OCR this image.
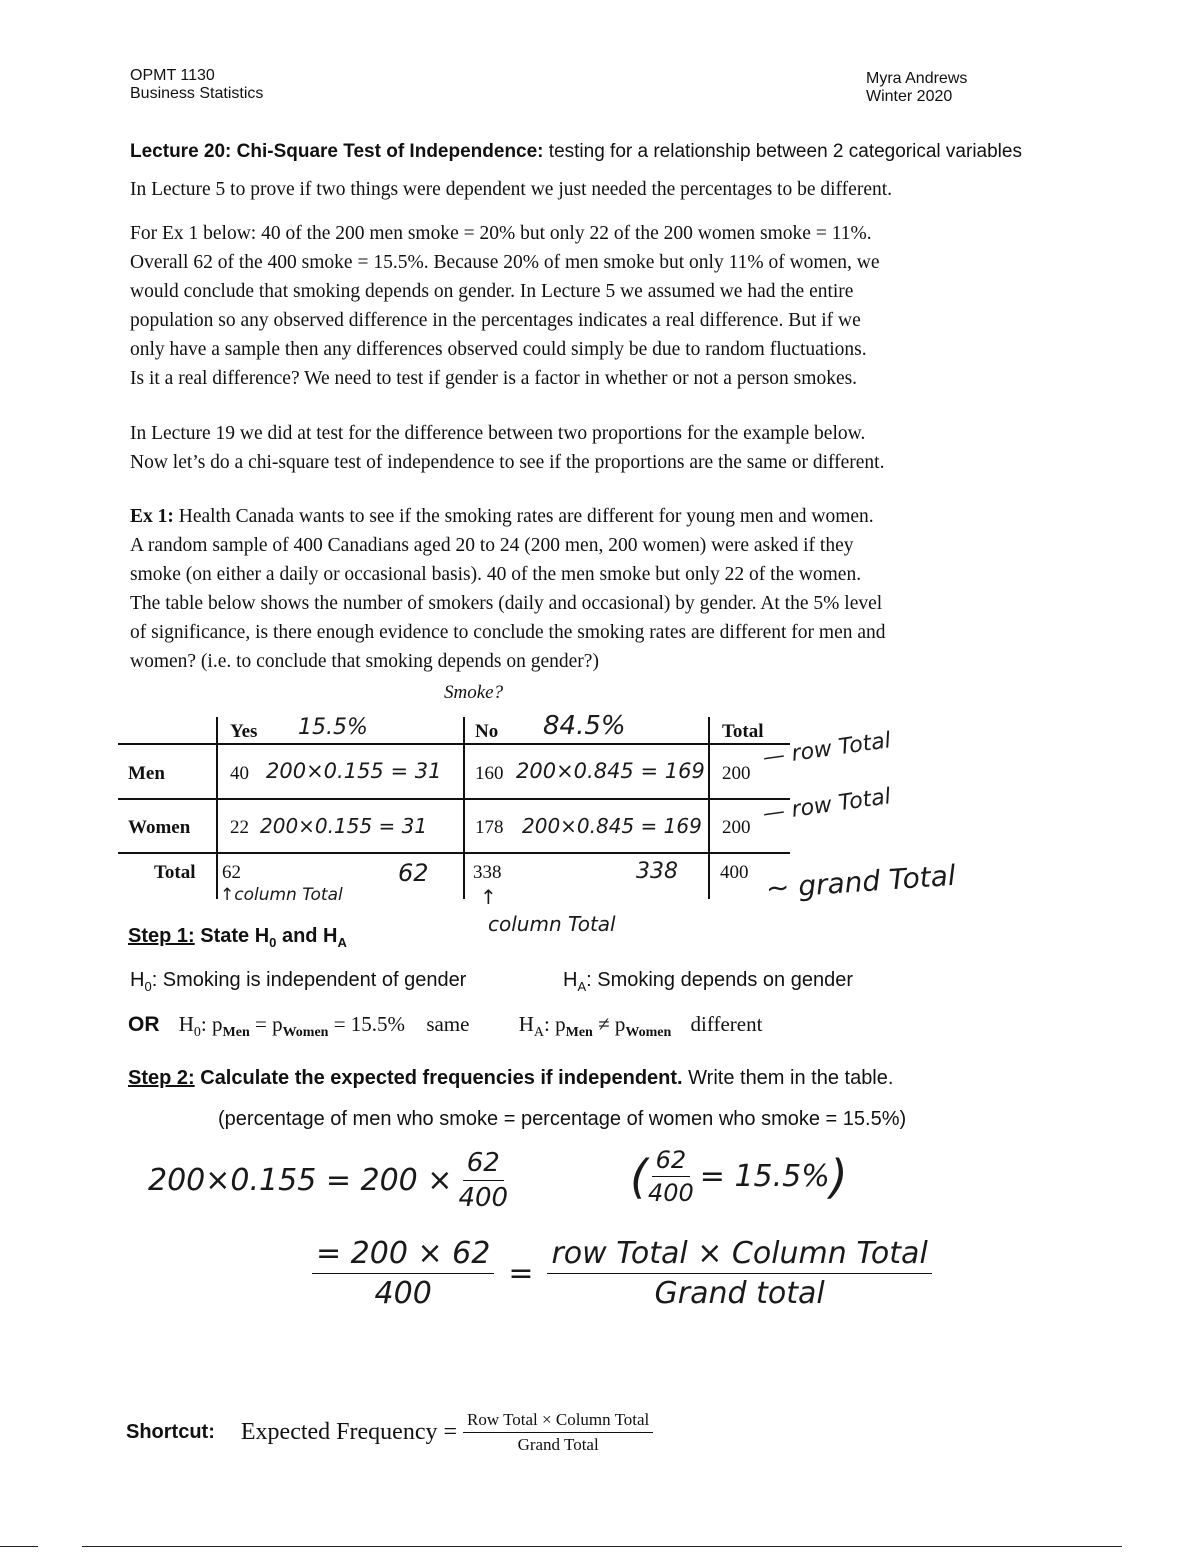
OPMT 1130
Business Statistics
Myra Andrews
Winter 2020
Lecture 20: Chi-Square Test of Independence: testing for a relationship between 2 categorical variables
In Lecture 5 to prove if two things were dependent we just needed the percentages to be different.
For Ex 1 below: 40 of the 200 men smoke = 20% but only 22 of the 200 women smoke = 11%.
Overall 62 of the 400 smoke = 15.5%. Because 20% of men smoke but only 11% of women, we
would conclude that smoking depends on gender. In Lecture 5 we assumed we had the entire
population so any observed difference in the percentages indicates a real difference. But if we
only have a sample then any differences observed could simply be due to random fluctuations.
Is it a real difference? We need to test if gender is a factor in whether or not a person smokes.
In Lecture 19 we did at test for the difference between two proportions for the example below.
Now let’s do a chi-square test of independence to see if the proportions are the same or different.
Ex 1: Health Canada wants to see if the smoking rates are different for young men and women.
A random sample of 400 Canadians aged 20 to 24 (200 men, 200 women) were asked if they
smoke (on either a daily or occasional basis). 40 of the men smoke but only 22 of the women.
The table below shows the number of smokers (daily and occasional) by gender. At the 5% level
of significance, is there enough evidence to conclude the smoking rates are different for men and
women? (i.e. to conclude that smoking depends on gender?)
Smoke?
Yes	No	Total
15.5%	84.5%
Men	40	160	200
200×0.155 = 31	200×0.845 = 169
Women 22	178	200
200×0.155 = 31	200×0.845 = 169
Total 62	338	400
62	338
↑column Total	↑
column Total
— row Total
— row Total
~ grand Total
Step 1: State $H_0$ and $H_A$
$H_0$: Smoking is independent of gender	$H_A$: Smoking depends on gender
OR $H_0$: $p_{Men} = p_{Women} = 15.5\%$ same $H_A$: $p_{Men} \ne p_{Women}$ different
Step 2: Calculate the expected frequencies if independent. Write them in the table.
(percentage of men who smoke = percentage of women who smoke = 15.5%)
$200\times 0.155 = 200 \times \frac{62}{400}$	( $\frac{62}{400} = 15.5\%$ )
$\frac{= 200 \times 62}{400} = \frac{\text{row Total × Column Total}}{\text{Grand total}}$
Shortcut: Expected Frequency = $\frac{\text{Row Total × Column Total}}{\text{Grand Total}}$
